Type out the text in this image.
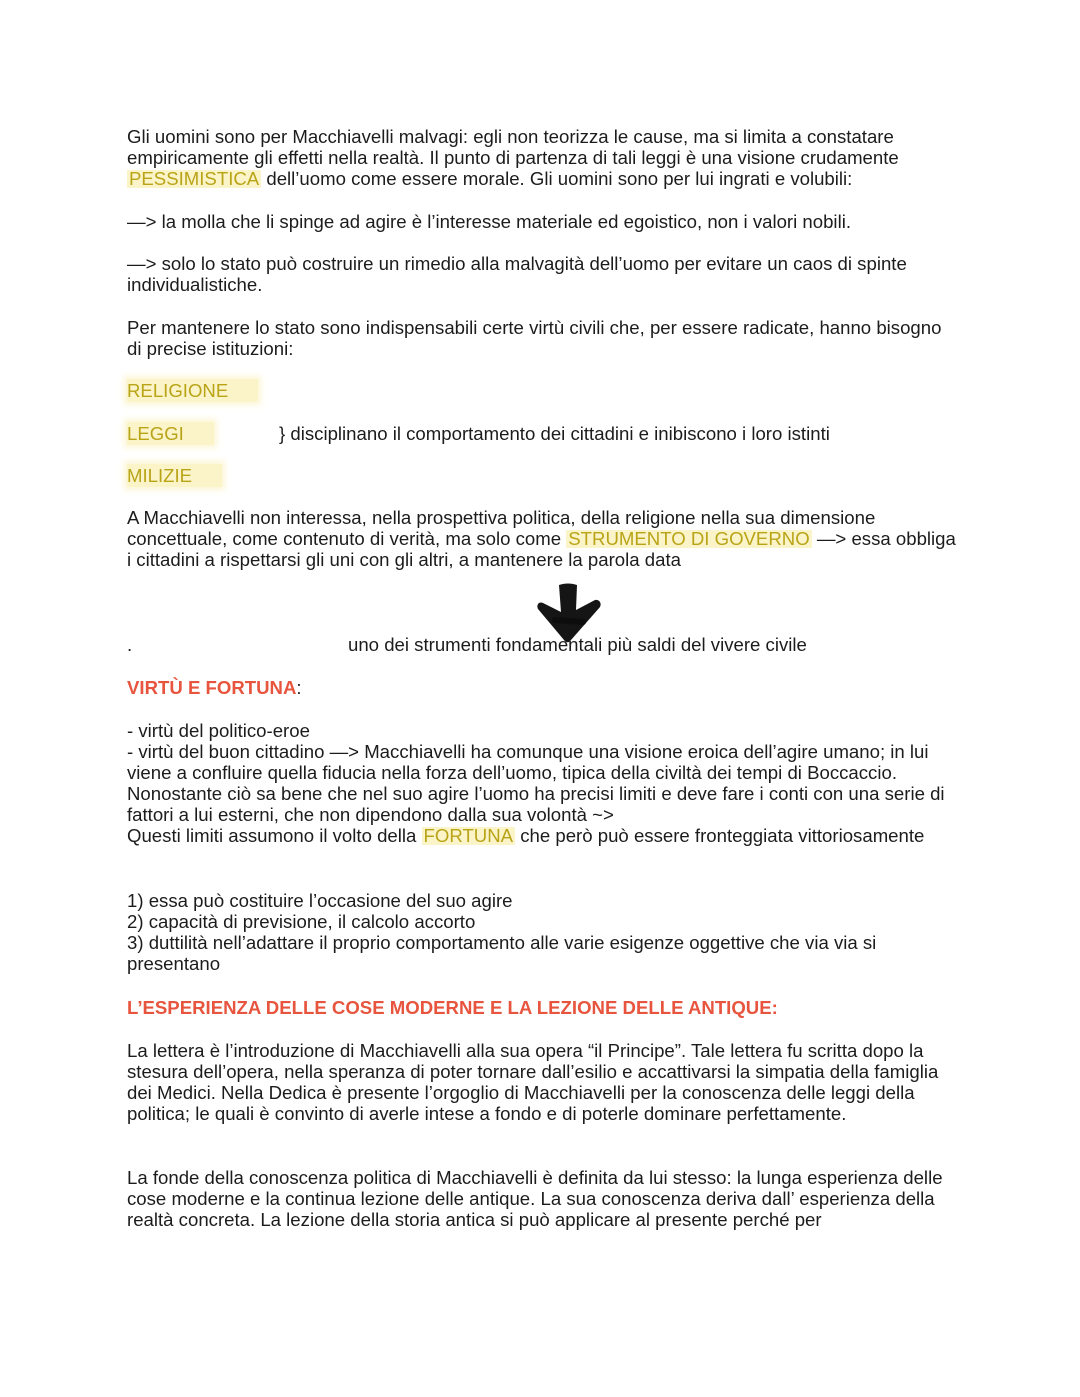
Gli uomini sono per Macchiavelli malvagi: egli non teorizza le cause, ma si limita a constatare empiricamente gli effetti nella realtà. Il punto di partenza di tali leggi è una visione crudamente PESSIMISTICA dell’uomo come essere morale. Gli uomini sono per lui ingrati e volubili:

—> la molla che li spinge ad agire è l’interesse materiale ed egoistico, non i valori nobili.

—> solo lo stato può costruire un rimedio alla malvagità dell’uomo per evitare un caos di spinte individualistiche.

Per mantenere lo stato sono indispensabili certe virtù civili che, per essere radicate, hanno bisogno di precise istituzioni:

RELIGIONE
LEGGI	} disciplinano il comportamento dei cittadini e inibiscono i loro istinti
MILIZIE

A Macchiavelli non interessa, nella prospettiva politica, della religione nella sua dimensione concettuale, come contenuto di verità, ma solo come STRUMENTO DI GOVERNO —> essa obbliga i cittadini a rispettarsi gli uni con gli altri, a mantenere la parola data

.	uno dei strumenti fondamentali più saldi del vivere civile
VIRTÙ E FORTUNA:
- virtù del politico-eroe
- virtù del buon cittadino —> Macchiavelli ha comunque una visione eroica dell’agire umano; in lui viene a confluire quella fiducia nella forza dell’uomo, tipica della civiltà dei tempi di Boccaccio. Nonostante ciò sa bene che nel suo agire l’uomo ha precisi limiti e deve fare i conti con una serie di fattori a lui esterni, che non dipendono dalla sua volontà ~>
Questi limiti assumono il volto della FORTUNA che però può essere fronteggiata vittoriosamente
1) essa può costituire l’occasione del suo agire
2) capacità di previsione, il calcolo accorto
3) duttilità nell’adattare il proprio comportamento alle varie esigenze oggettive che via via si presentano
L’ESPERIENZA DELLE COSE MODERNE E LA LEZIONE DELLE ANTIQUE:

La lettera è l’introduzione di Macchiavelli alla sua opera “il Principe”. Tale lettera fu scritta dopo la stesura dell’opera, nella speranza di poter tornare dall’esilio e accattivarsi la simpatia della famiglia dei Medici. Nella Dedica è presente l’orgoglio di Macchiavelli per la conoscenza delle leggi della politica; le quali è convinto di averle intese a fondo e di poterle dominare perfettamente.

La fonde della conoscenza politica di Macchiavelli è definita da lui stesso: la lunga esperienza delle cose moderne e la continua lezione delle antique. La sua conoscenza deriva dall’ esperienza della realtà concreta. La lezione della storia antica si può applicare al presente perché per
